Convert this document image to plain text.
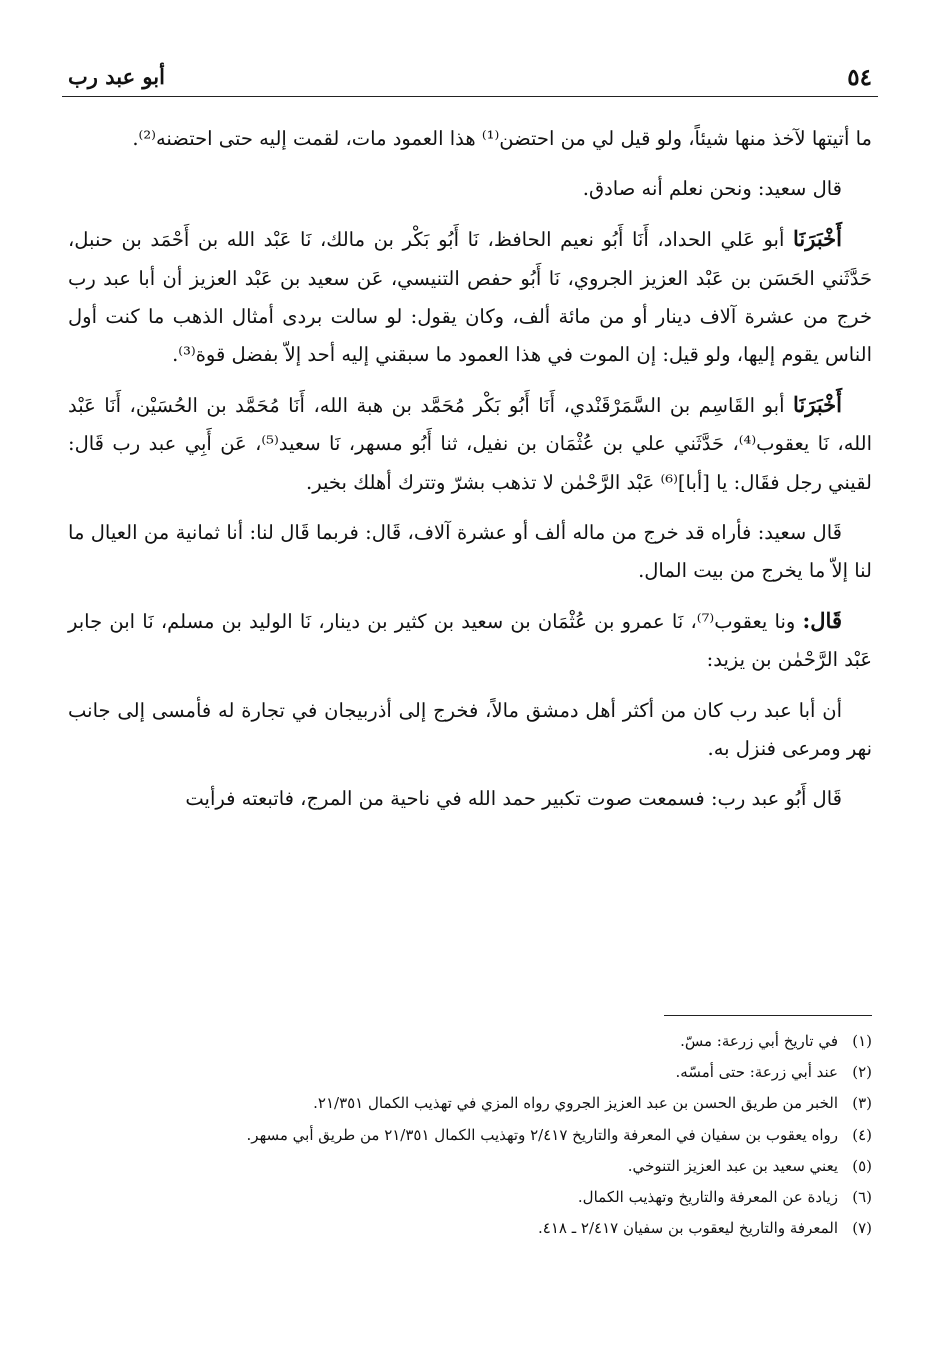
٥٤
أبو عبد رب

ما أتيتها لآخذ منها شيئاً، ولو قيل لي من احتضن⁽¹⁾ هذا العمود مات، لقمت إليه حتى احتضنه⁽²⁾.

قال سعيد: ونحن نعلم أنه صادق.

أَخْبَرَنَا أبو عَلي الحداد، أَنَا أَبُو نعيم الحافظ، نَا أَبُو بَكْر بن مالك، نَا عَبْد الله بن أَحْمَد بن حنبل، حَدَّثَني الحَسَن بن عَبْد العزيز الجروي، نَا أَبُو حفص التنيسي، عَن سعيد بن عَبْد العزيز أن أبا عبد رب خرج من عشرة آلاف دينار أو من مائة ألف، وكان يقول: لو سالت بردى أمثال الذهب ما كنت أول الناس يقوم إليها، ولو قيل: إن الموت في هذا العمود ما سبقني إليه أحد إلاّ بفضل قوة⁽³⁾.

أَخْبَرَنَا أبو القَاسِم بن السَّمَرْقَنْدي، أَنَا أَبُو بَكْر مُحَمَّد بن هبة الله، أَنَا مُحَمَّد بن الحُسَيْن، أَنَا عَبْد الله، نَا يعقوب⁽⁴⁾، حَدَّثَني علي بن عُثْمَان بن نفيل، ثنا أَبُو مسهر، نَا سعيد⁽⁵⁾، عَن أَبِي عبد رب قَال: لقيني رجل فقَال: يا [أبا]⁽⁶⁾ عَبْد الرَّحْمٰن لا تذهب بشرّ وتترك أهلك بخير.

قَال سعيد: فأراه قد خرج من ماله ألف أو عشرة آلاف، قَال: فربما قَال لنا: أنا ثمانية من العيال ما لنا إلاّ ما يخرج من بيت المال.

قَال: ونا يعقوب⁽⁷⁾، نَا عمرو بن عُثْمَان بن سعيد بن كثير بن دينار، نَا الوليد بن مسلم، نَا ابن جابر عَبْد الرَّحْمٰن بن يزيد:

أن أبا عبد رب كان من أكثر أهل دمشق مالاً، فخرج إلى أذربيجان في تجارة له فأمسى إلى جانب نهر ومرعى فنزل به.

قَال أَبُو عبد رب: فسمعت صوت تكبير حمد الله في ناحية من المرج، فاتبعته فرأيت

(١)
في تاريخ أبي زرعة: مسّ.
(٢)
عند أبي زرعة: حتى أمسّه.
(٣)
الخبر من طريق الحسن بن عبد العزيز الجروي رواه المزي في تهذيب الكمال ٢١/٣٥١.
(٤)
رواه يعقوب بن سفيان في المعرفة والتاريخ ٢/٤١٧ وتهذيب الكمال ٢١/٣٥١ من طريق أبي مسهر.
(٥)
يعني سعيد بن عبد العزيز التنوخي.
(٦)
زيادة عن المعرفة والتاريخ وتهذيب الكمال.
(٧)
المعرفة والتاريخ ليعقوب بن سفيان ٢/٤١٧ ـ ٤١٨.
